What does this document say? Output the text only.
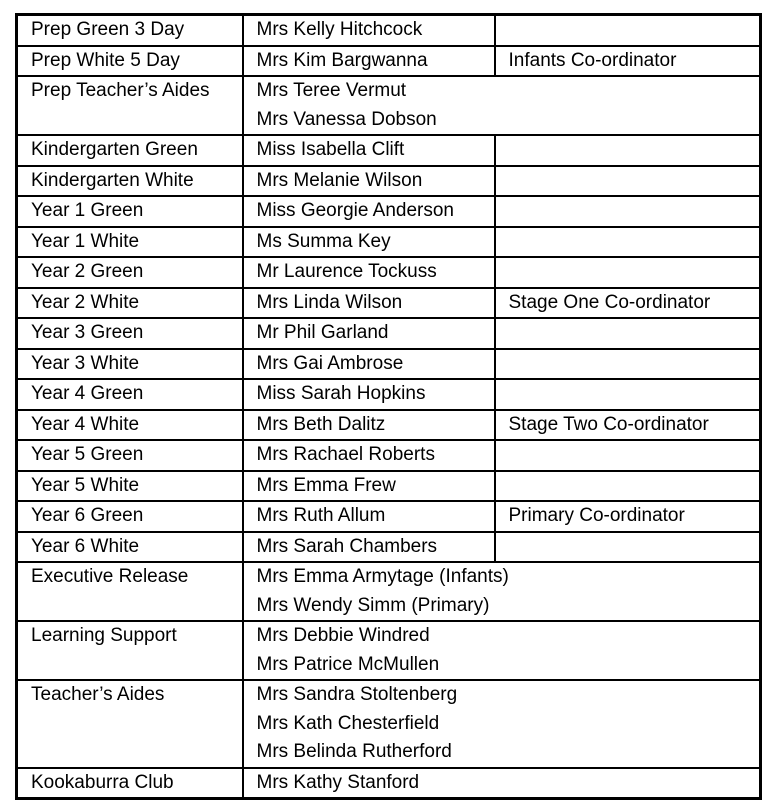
Prep Green 3 Day	Mrs Kelly Hitchcock	
Prep White 5 Day	Mrs Kim Bargwanna	Infants Co-ordinator
Prep Teacher’s Aides	Mrs Teree Vermut
Mrs Vanessa Dobson	

Kindergarten Green	Miss Isabella Clift	
Kindergarten White	Mrs Melanie Wilson	
Year 1 Green	Miss Georgie Anderson	
Year 1 White	Ms Summa Key	
Year 2 Green	Mr Laurence Tockuss	
Year 2 White	Mrs Linda Wilson	Stage One Co-ordinator
Year 3 Green	Mr Phil Garland	
Year 3 White	Mrs Gai Ambrose	
Year 4 Green	Miss Sarah Hopkins	
Year 4 White	Mrs Beth Dalitz	Stage Two Co-ordinator
Year 5 Green	Mrs Rachael Roberts	
Year 5 White	Mrs Emma Frew	
Year 6 Green	Mrs Ruth Allum	Primary Co-ordinator
Year 6 White	Mrs Sarah Chambers	
Executive Release	Mrs Emma Armytage (Infants)
Mrs Wendy Simm (Primary)	

Learning Support	Mrs Debbie Windred
Mrs Patrice McMullen	

Teacher’s Aides	Mrs Sandra Stoltenberg
Mrs Kath Chesterfield
Mrs Belinda Rutherford	

Kookaburra Club	Mrs Kathy Stanford	
